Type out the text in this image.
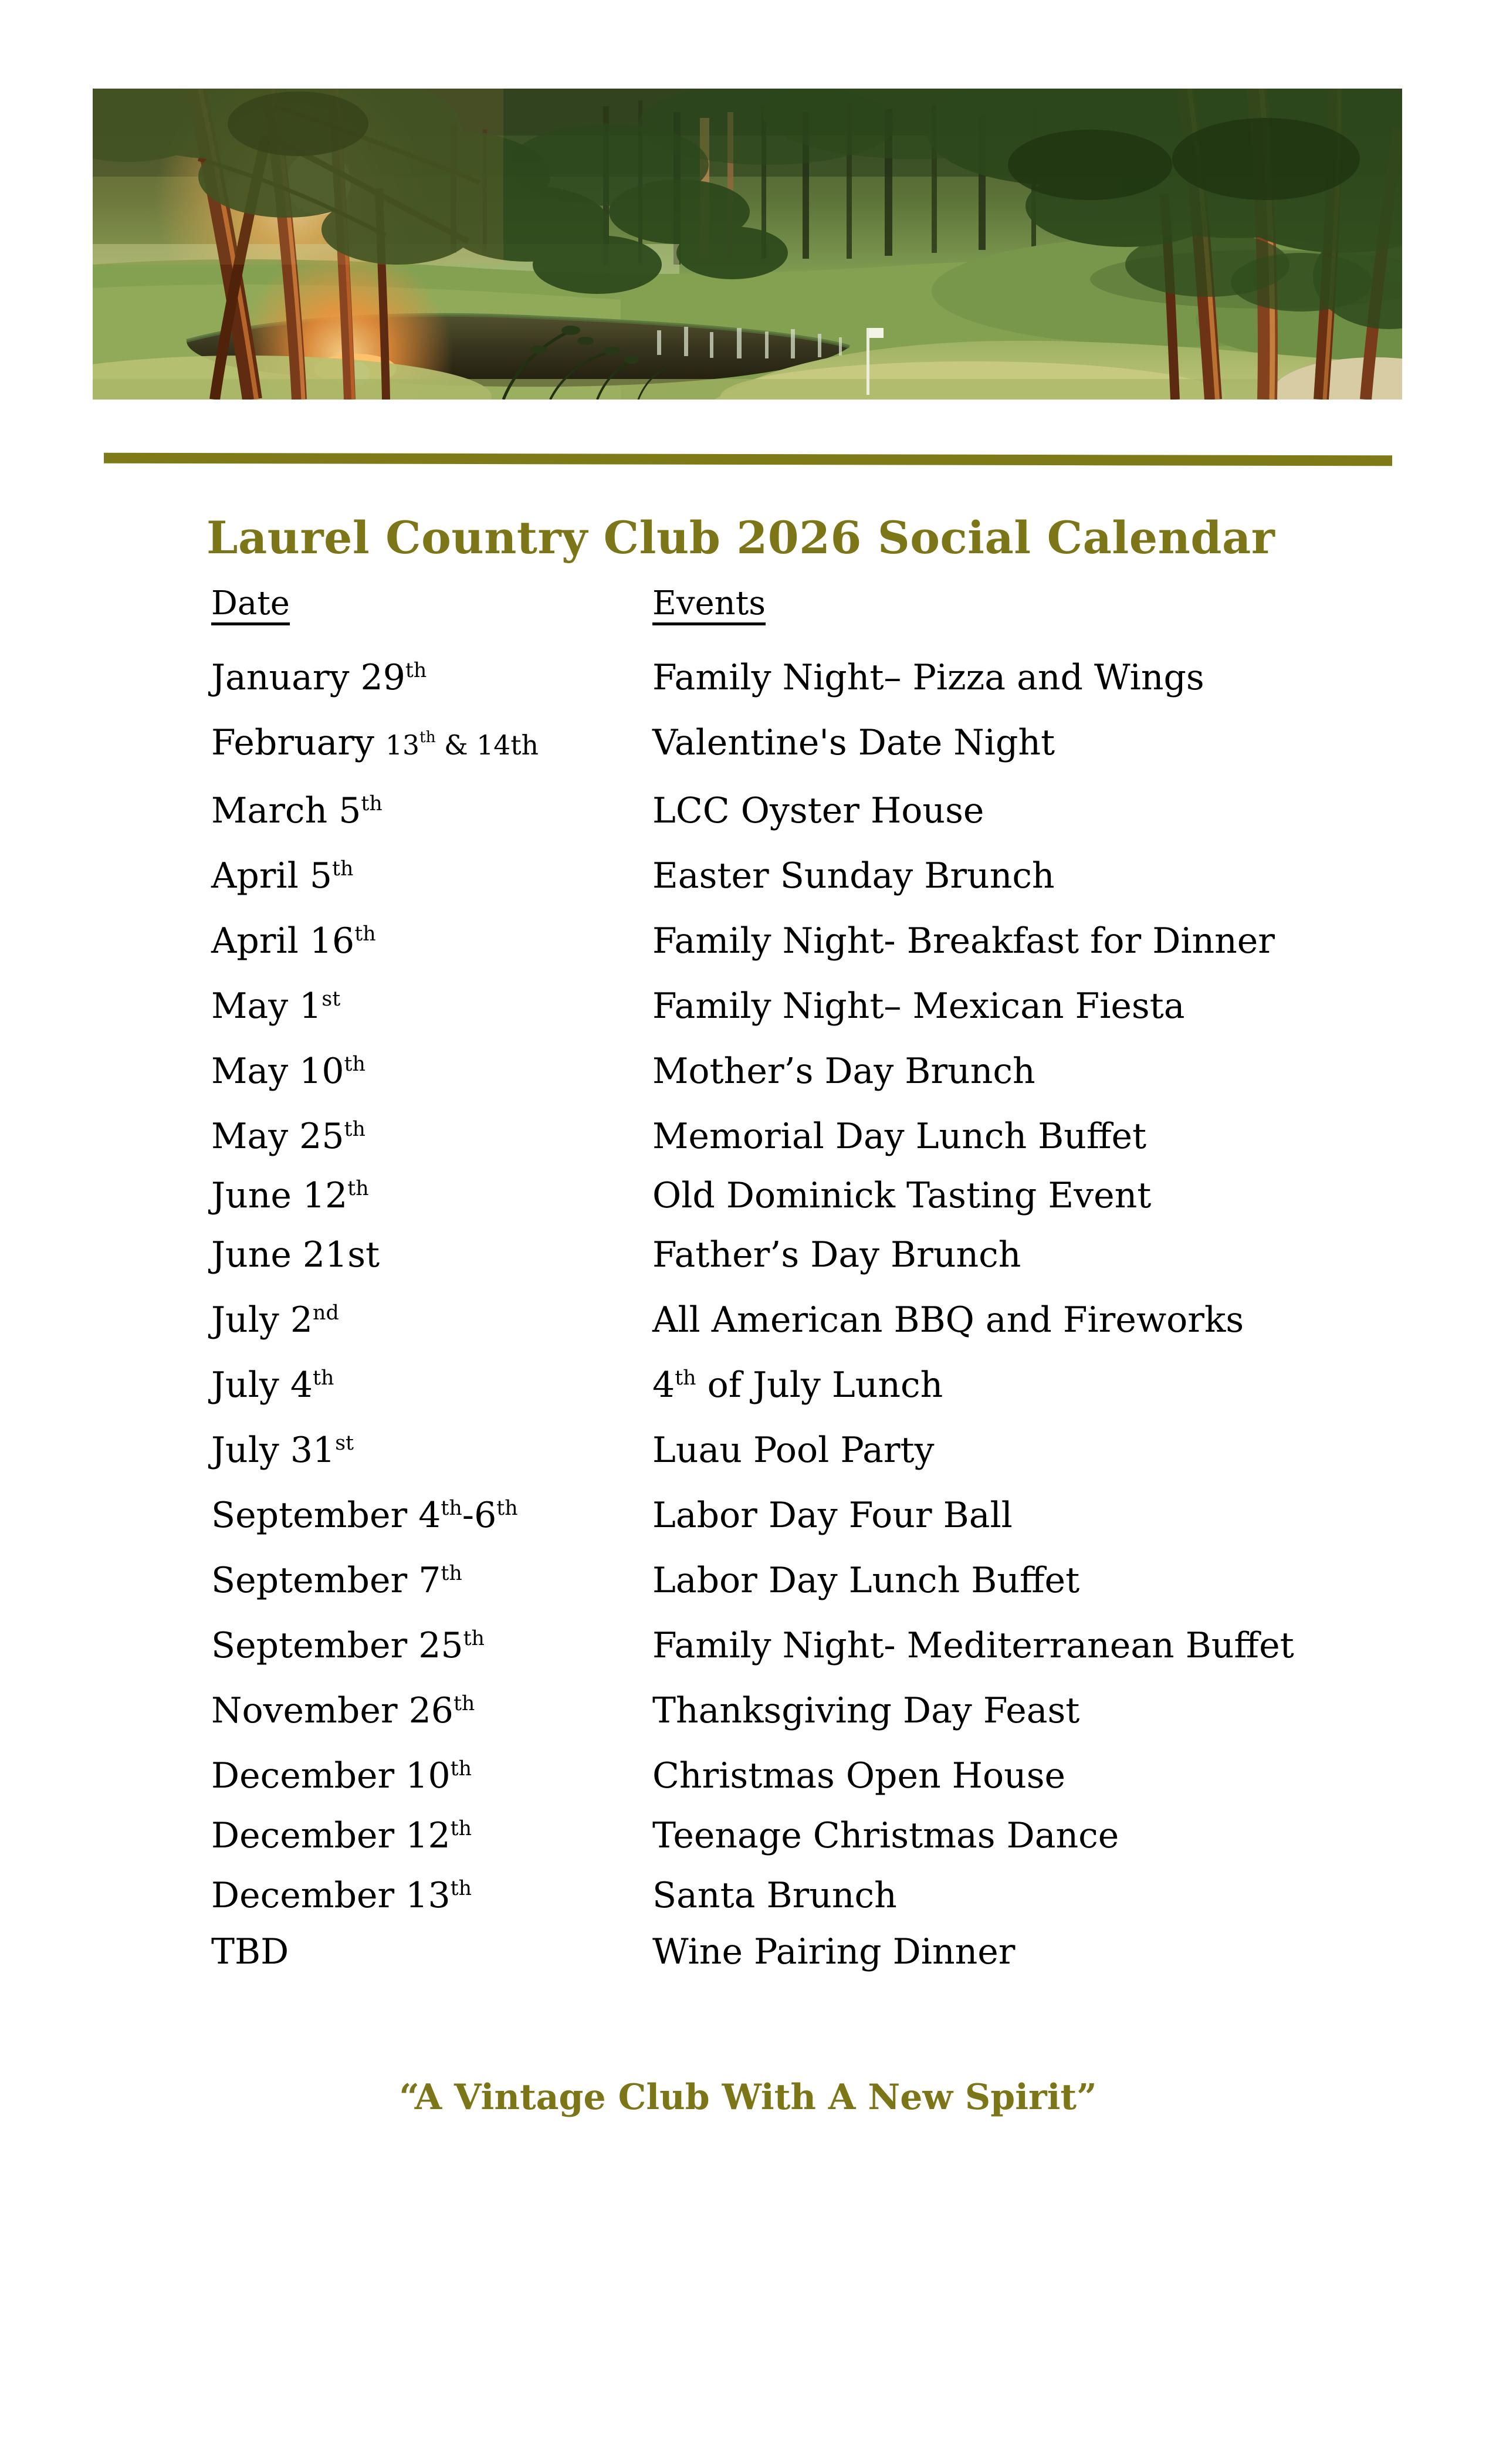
Laurel Country Club 2026 Social Calendar
Date	Events
January 29th	Family Night– Pizza and Wings
February 13th & 14th	Valentine's Date Night
March 5th	LCC Oyster House
April 5th	Easter Sunday Brunch
April 16th	Family Night- Breakfast for Dinner
May 1st	Family Night– Mexican Fiesta
May 10th	Mother’s Day Brunch
May 25th	Memorial Day Lunch Buffet
June 12th	Old Dominick Tasting Event
June 21st	Father’s Day Brunch
July 2nd	All American BBQ and Fireworks
July 4th	4th of July Lunch
July 31st	Luau Pool Party
September 4th-6th	Labor Day Four Ball
September 7th	Labor Day Lunch Buffet
September 25th	Family Night- Mediterranean Buffet
November 26th	Thanksgiving Day Feast
December 10th	Christmas Open House
December 12th	Teenage Christmas Dance
December 13th	Santa Brunch
TBD	Wine Pairing Dinner
“A Vintage Club With A New Spirit”
